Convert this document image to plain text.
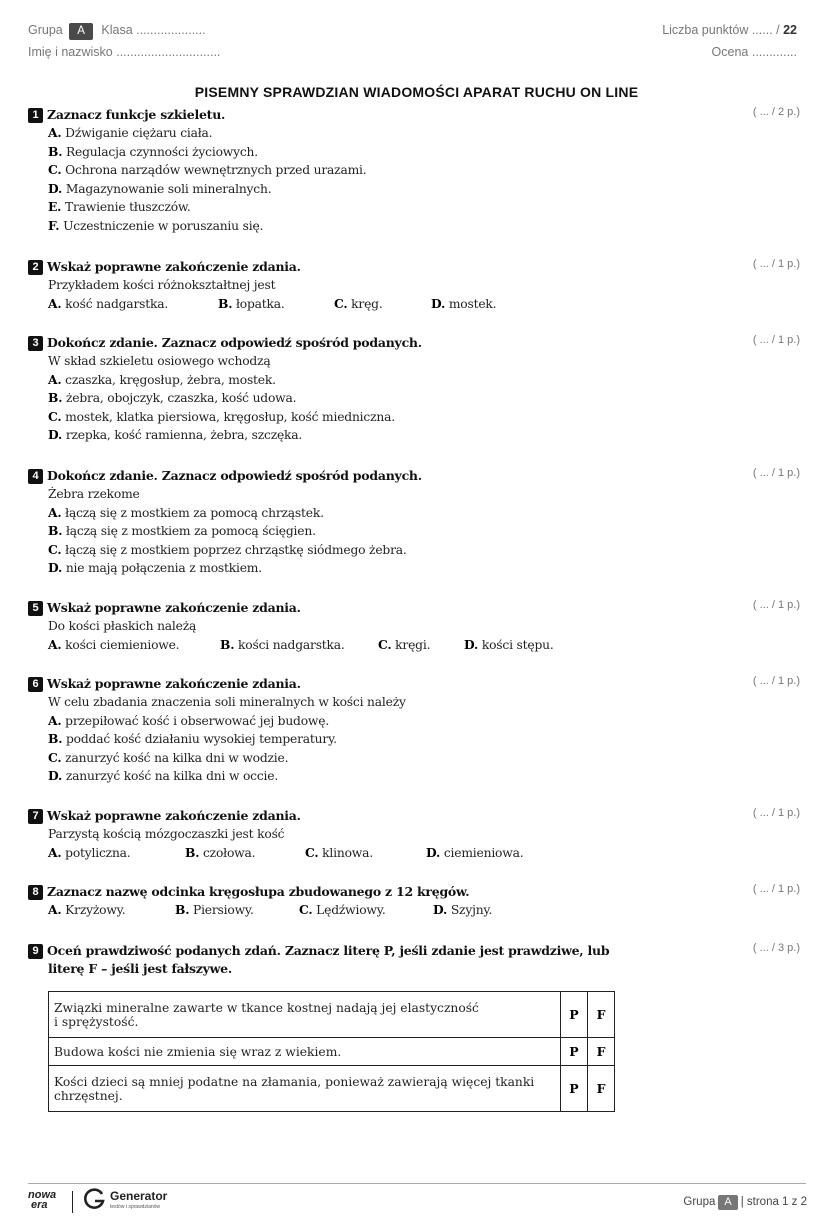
Grupa A Klasa ....................
Imię i nazwisko ..............................
Liczba punktów ...... / 22
Ocena .............
PISEMNY SPRAWDZIAN WIADOMOŚCI APARAT RUCHU ON LINE
1 Zaznacz funkcje szkieletu.	( ... / 2 p.)
A. Dźwiganie ciężaru ciała.
B. Regulacja czynności życiowych.
C. Ochrona narządów wewnętrznych przed urazami.
D. Magazynowanie soli mineralnych.
E. Trawienie tłuszczów.
F. Uczestniczenie w poruszaniu się.
2 Wskaż poprawne zakończenie zdania.	( ... / 1 p.)
Przykładem kości różnokształtnej jest
A. kość nadgarstka.	B. łopatka.	C. kręg.	D. mostek.
3 Dokończ zdanie. Zaznacz odpowiedź spośród podanych.	( ... / 1 p.)
W skład szkieletu osiowego wchodzą
A. czaszka, kręgosłup, żebra, mostek.
B. żebra, obojczyk, czaszka, kość udowa.
C. mostek, klatka piersiowa, kręgosłup, kość miedniczna.
D. rzepka, kość ramienna, żebra, szczęka.
4 Dokończ zdanie. Zaznacz odpowiedź spośród podanych.	( ... / 1 p.)
Żebra rzekome
A. łączą się z mostkiem za pomocą chrząstek.
B. łączą się z mostkiem za pomocą ścięgien.
C. łączą się z mostkiem poprzez chrząstkę siódmego żebra.
D. nie mają połączenia z mostkiem.
5 Wskaż poprawne zakończenie zdania.	( ... / 1 p.)
Do kości płaskich należą
A. kości ciemieniowe.	B. kości nadgarstka.	C. kręgi.	D. kości stępu.
6 Wskaż poprawne zakończenie zdania.	( ... / 1 p.)
W celu zbadania znaczenia soli mineralnych w kości należy
A. przepiłować kość i obserwować jej budowę.
B. poddać kość działaniu wysokiej temperatury.
C. zanurzyć kość na kilka dni w wodzie.
D. zanurzyć kość na kilka dni w occie.
7 Wskaż poprawne zakończenie zdania.	( ... / 1 p.)
Parzystą kością mózgoczaszki jest kość
A. potyliczna.	B. czołowa.	C. klinowa.	D. ciemieniowa.
8 Zaznacz nazwę odcinka kręgosłupa zbudowanego z 12 kręgów.	( ... / 1 p.)
A. Krzyżowy.	B. Piersiowy.	C. Lędźwiowy.	D. Szyjny.
9 Oceń prawdziwość podanych zdań. Zaznacz literę P, jeśli zdanie jest prawdziwe, lub
literę F – jeśli jest fałszywe.
( ... / 3 p.)
Związki mineralne zawarte w tkance kostnej nadają jej elastyczność
i sprężystość.	P	F
Budowa kości nie zmienia się wraz z wiekiem.	P	F
Kości dzieci są mniej podatne na złamania, ponieważ zawierają więcej tkanki
chrzęstnej.	P	F
nowa
era
Generator
testów i sprawdzianów	Grupa A | strona 1 z 2
